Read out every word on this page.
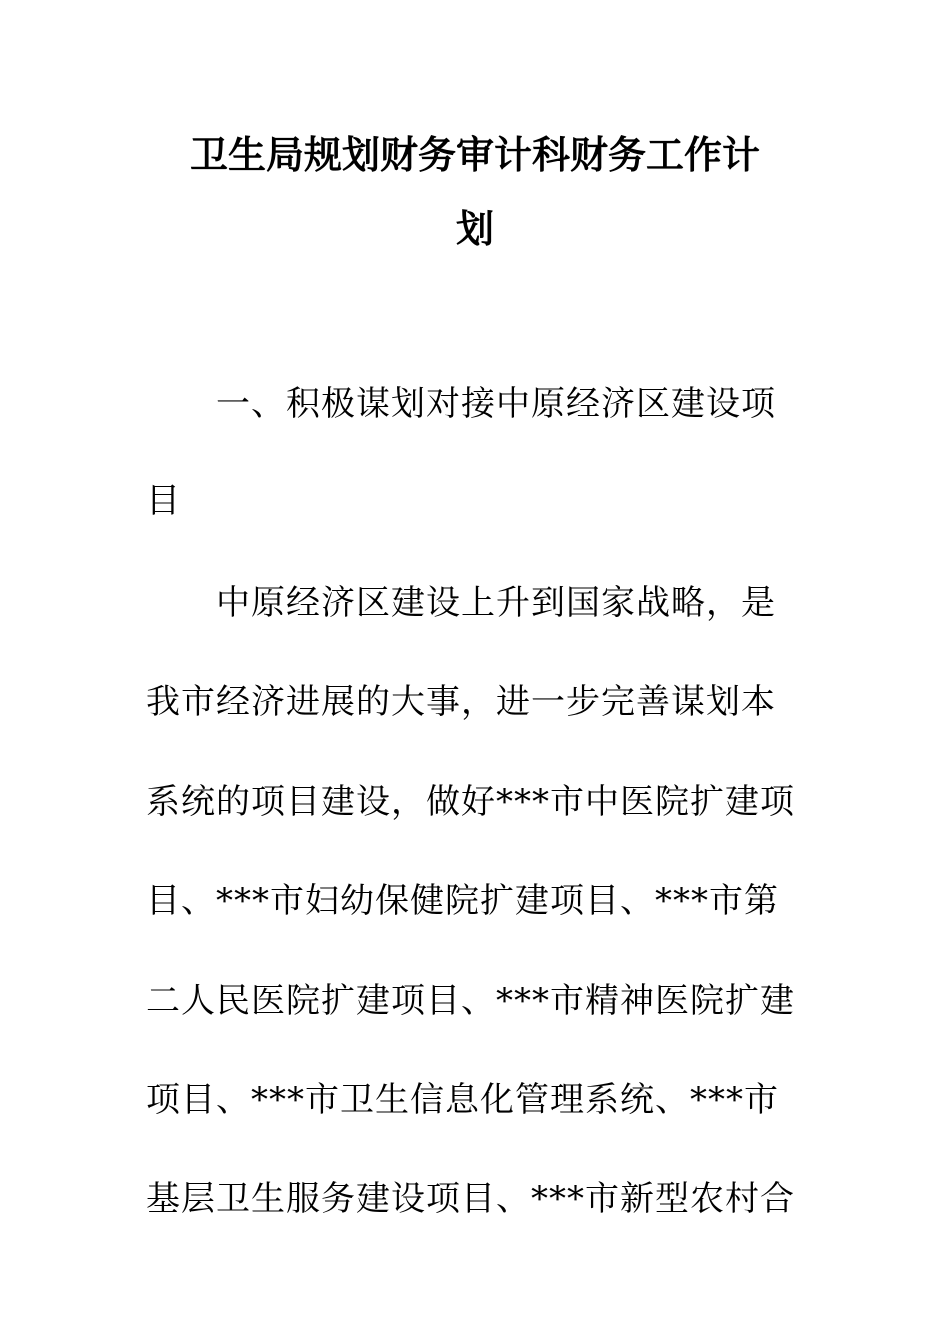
卫生局规划财务审计科财务工作计
划
一、积极谋划对接中原经济区建设项
目
中原经济区建设上升到国家战略，是
我市经济进展的大事，进一步完善谋划本
系统的项目建设，做好***市中医院扩建项
目、***市妇幼保健院扩建项目、***市第
二人民医院扩建项目、***市精神医院扩建
项目、***市卫生信息化管理系统、***市
基层卫生服务建设项目、***市新型农村合
